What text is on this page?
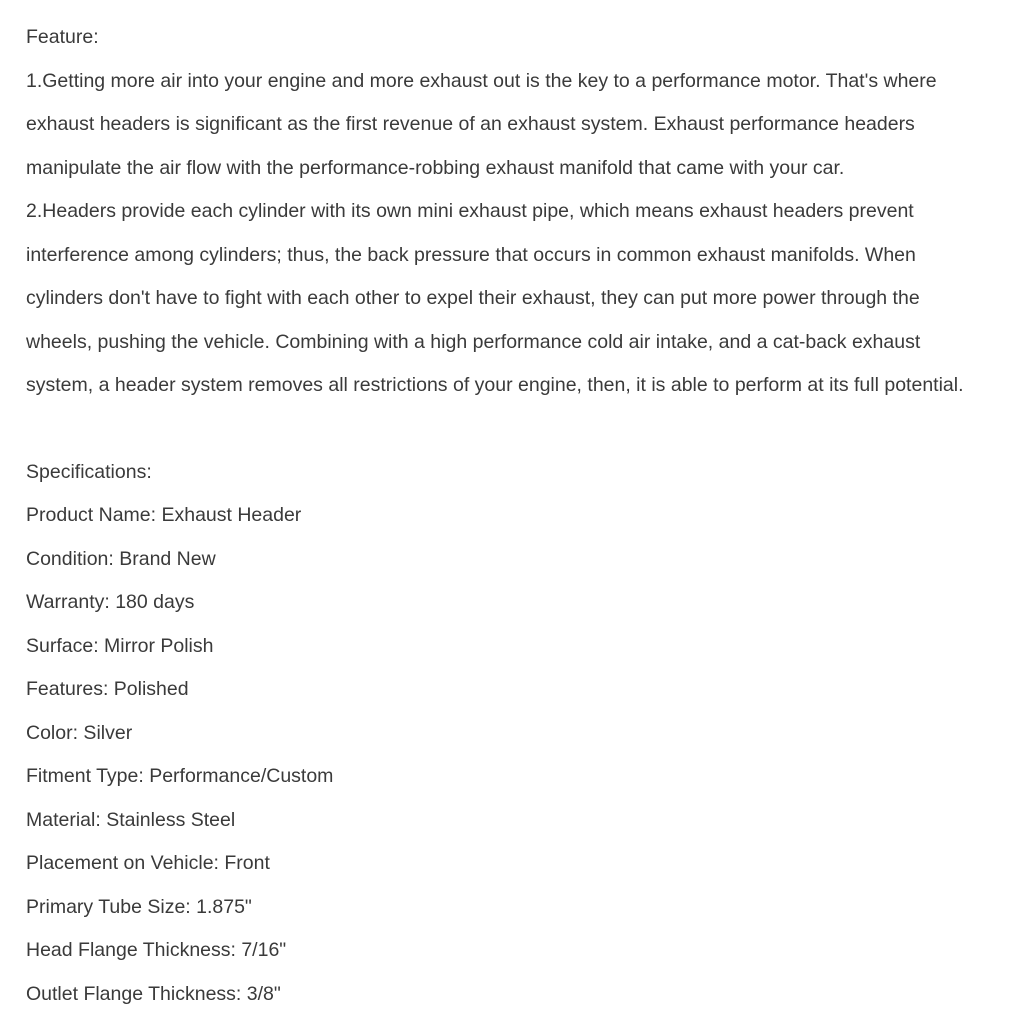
Feature:

1.Getting more air into your engine and more exhaust out is the key to a performance motor. That's where exhaust headers is significant as the first revenue of an exhaust system. Exhaust performance headers manipulate the air flow with the performance-robbing exhaust manifold that came with your car.

2.Headers provide each cylinder with its own mini exhaust pipe, which means exhaust headers prevent interference among cylinders; thus, the back pressure that occurs in common exhaust manifolds. When cylinders don't have to fight with each other to expel their exhaust, they can put more power through the wheels, pushing the vehicle. Combining with a high performance cold air intake, and a cat-back exhaust system, a header system removes all restrictions of your engine, then, it is able to perform at its full potential.

Specifications:
Product Name: Exhaust Header
Condition: Brand New
Warranty: 180 days
Surface: Mirror Polish
Features: Polished
Color: Silver
Fitment Type: Performance/Custom
Material: Stainless Steel
Placement on Vehicle: Front
Primary Tube Size: 1.875"
Head Flange Thickness: 7/16"
Outlet Flange Thickness: 3/8"
